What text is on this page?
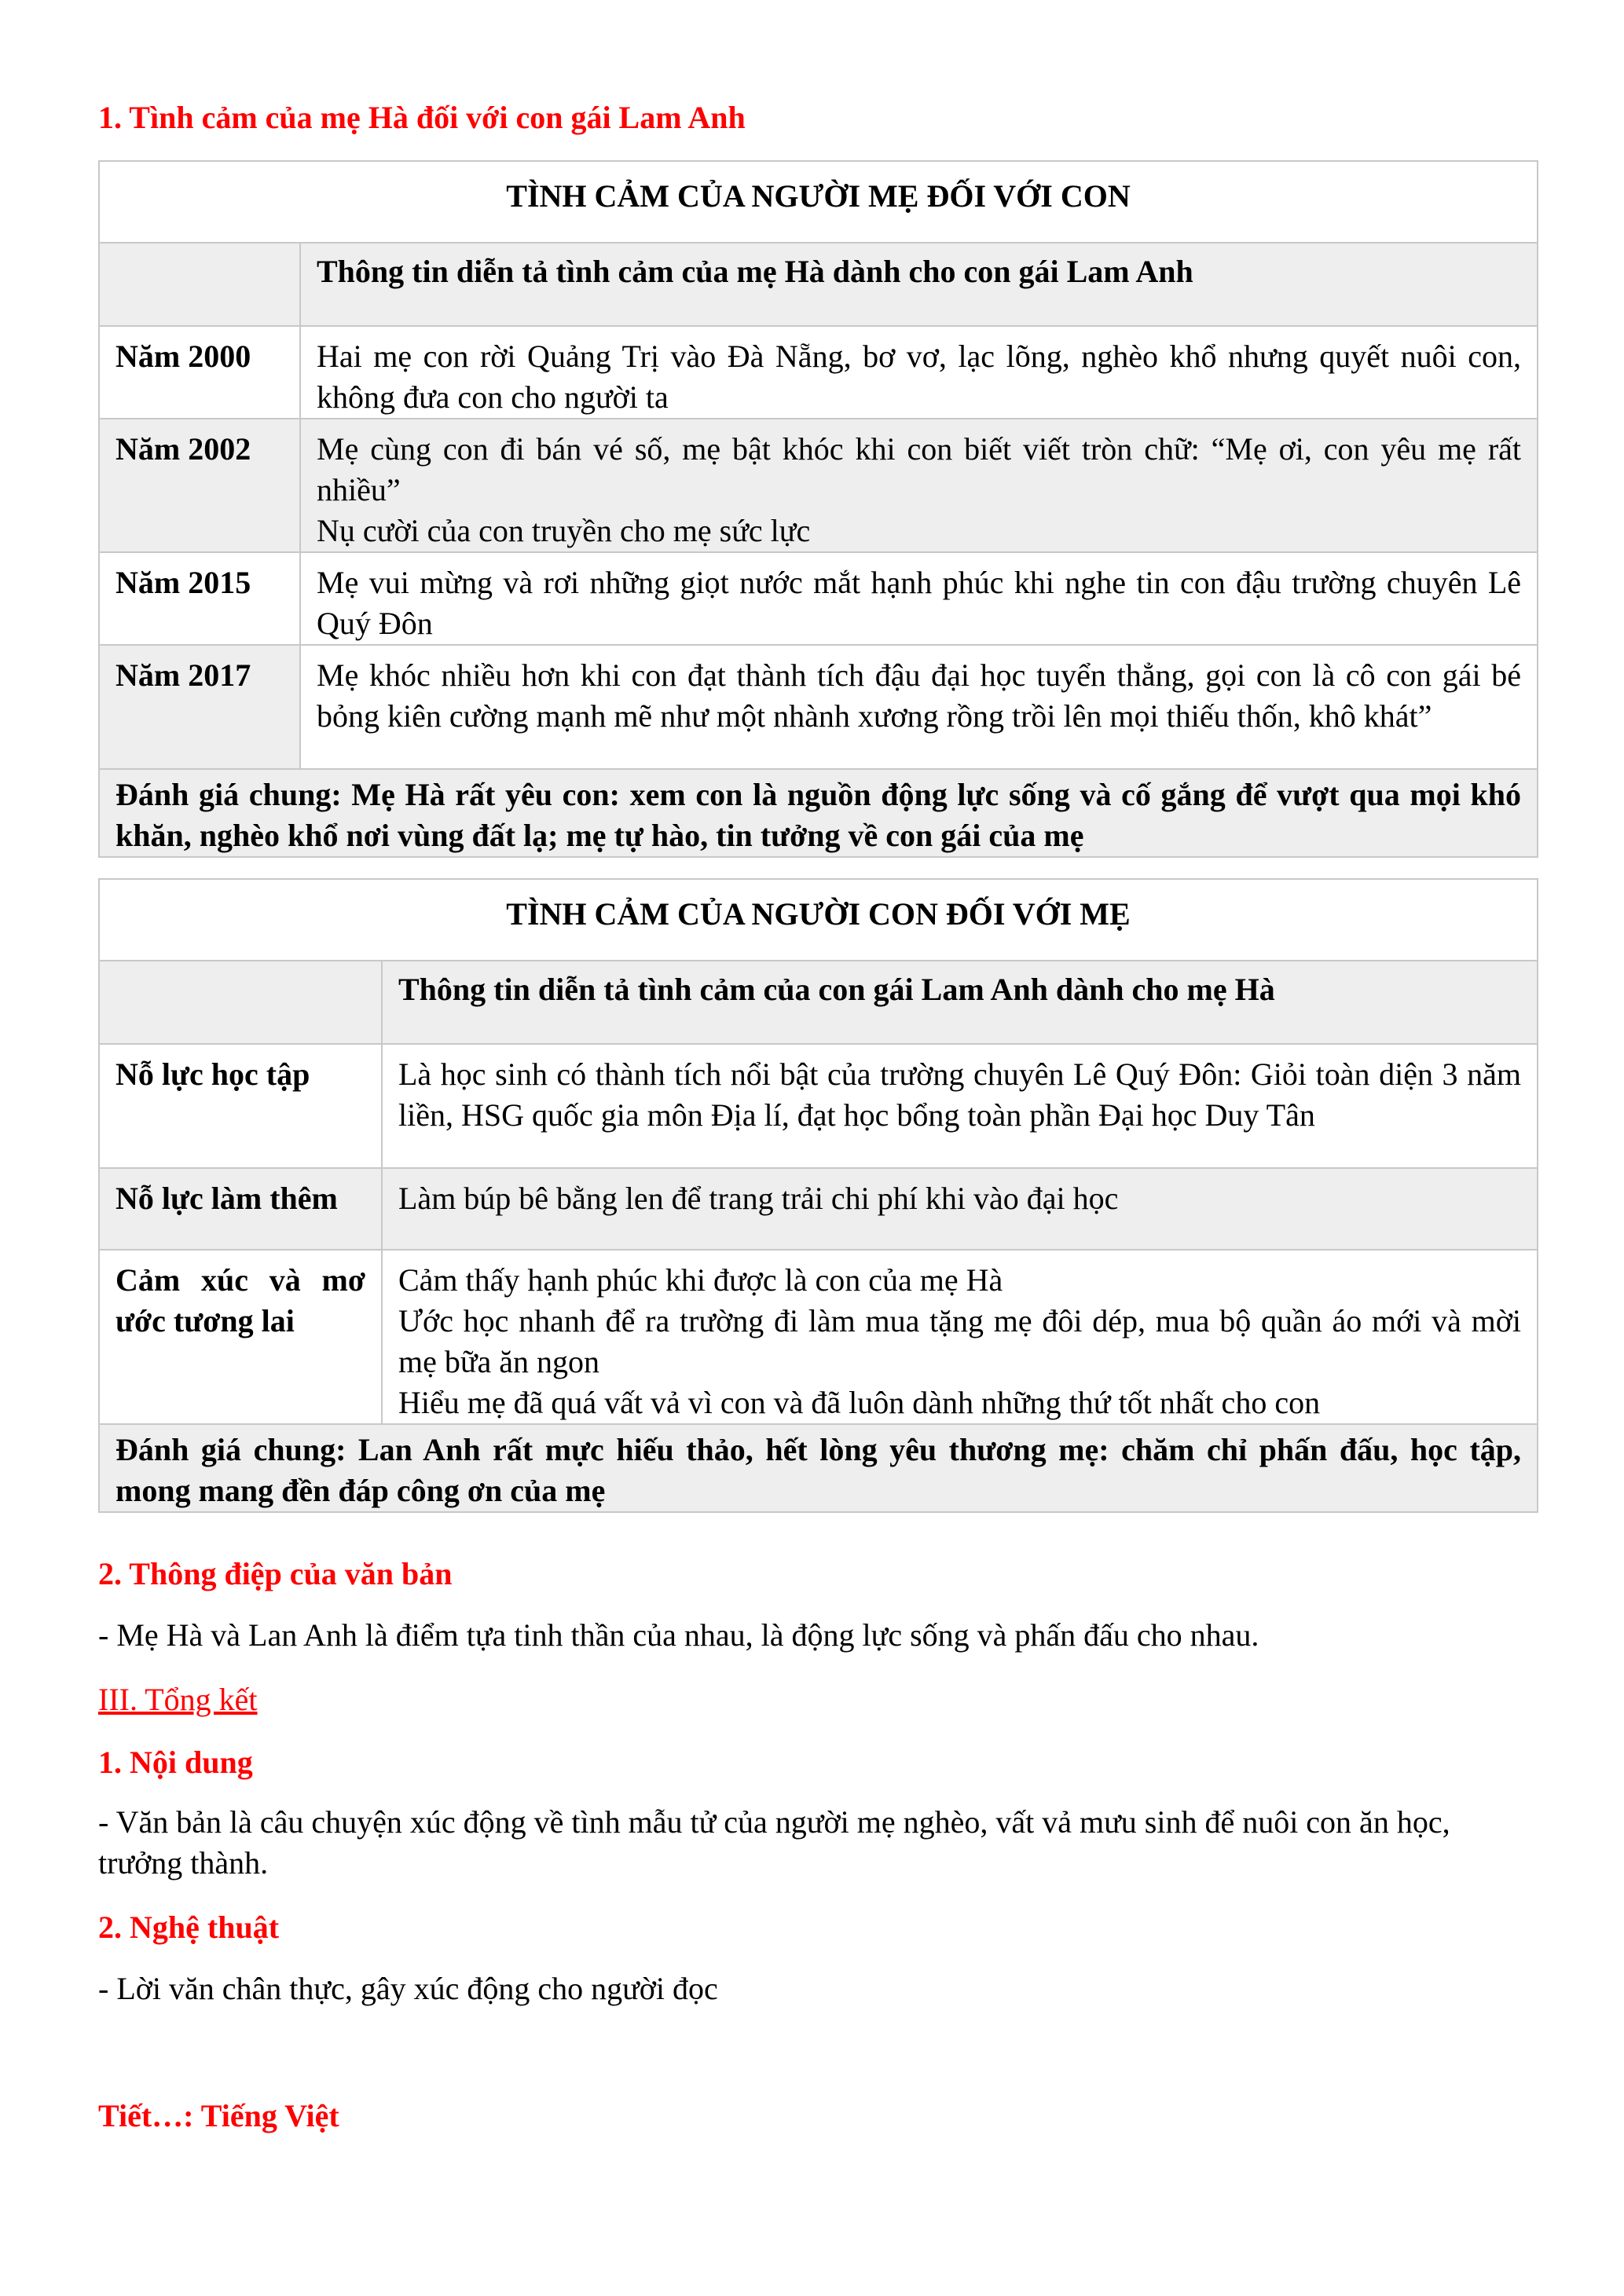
1. Tình cảm của mẹ Hà đối với con gái Lam Anh
TÌNH CẢM CỦA NGƯỜI MẸ ĐỐI VỚI CON	
	Thông tin diễn tả tình cảm của mẹ Hà dành cho con gái Lam Anh
Năm 2000	Hai mẹ con rời Quảng Trị vào Đà Nẵng, bơ vơ, lạc lõng, nghèo khổ nhưng quyết nuôi con, không đưa con cho người ta
Năm 2002	Mẹ cùng con đi bán vé số, mẹ bật khóc khi con biết viết tròn chữ: “Mẹ ơi, con yêu mẹ rất nhiều”
Nụ cười của con truyền cho mẹ sức lực

Năm 2015	Mẹ vui mừng và rơi những giọt nước mắt hạnh phúc khi nghe tin con đậu trường chuyên Lê Quý Đôn
Năm 2017	Mẹ khóc nhiều hơn khi con đạt thành tích đậu đại học tuyển thẳng, gọi con là cô con gái bé bỏng kiên cường mạnh mẽ như một nhành xương rồng trồi lên mọi thiếu thốn, khô khát”
Đánh giá chung: Mẹ Hà rất yêu con: xem con là nguồn động lực sống và cố gắng để vượt qua mọi khó khăn, nghèo khổ nơi vùng đất lạ; mẹ tự hào, tin tưởng về con gái của mẹ	
TÌNH CẢM CỦA NGƯỜI CON ĐỐI VỚI MẸ	
	Thông tin diễn tả tình cảm của con gái Lam Anh dành cho mẹ Hà
Nỗ lực học tập	Là học sinh có thành tích nổi bật của trường chuyên Lê Quý Đôn: Giỏi toàn diện 3 năm liền, HSG quốc gia môn Địa lí, đạt học bổng toàn phần Đại học Duy Tân
Nỗ lực làm thêm	Làm búp bê bằng len để trang trải chi phí khi vào đại học
Cảm xúc và mơ ước tương lai	Cảm thấy hạnh phúc khi được là con của mẹ Hà
Ước học nhanh để ra trường đi làm mua tặng mẹ đôi dép, mua bộ quần áo mới và mời mẹ bữa ăn ngon
Hiểu mẹ đã quá vất vả vì con và đã luôn dành những thứ tốt nhất cho con

Đánh giá chung: Lan Anh rất mực hiếu thảo, hết lòng yêu thương mẹ: chăm chỉ phấn đấu, học tập, mong mang đền đáp công ơn của mẹ	
2. Thông điệp của văn bản

- Mẹ Hà và Lan Anh là điểm tựa tinh thần của nhau, là động lực sống và phấn đấu cho nhau.

III. Tổng kết
1. Nội dung

- Văn bản là câu chuyện xúc động về tình mẫu tử của người mẹ nghèo, vất vả mưu sinh để nuôi con ăn học, trưởng thành.

2. Nghệ thuật

- Lời văn chân thực, gây xúc động cho người đọc

Tiết…: Tiếng Việt
